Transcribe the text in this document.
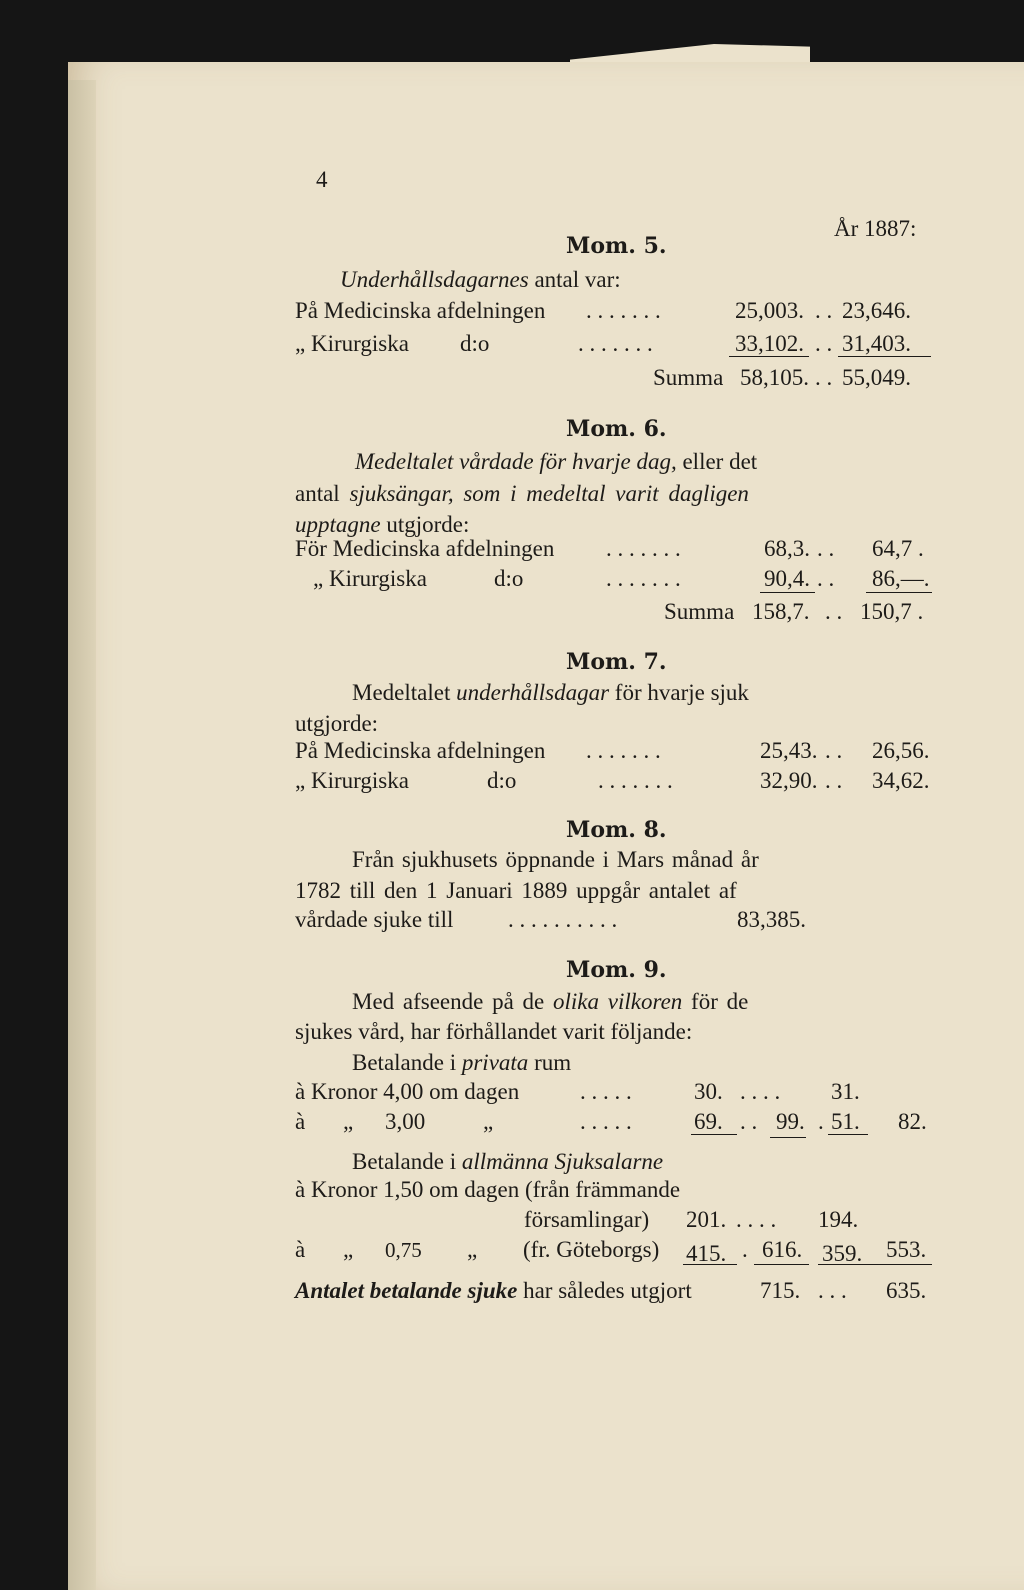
4
År 1887:
Mom. 5.
Underhållsdagarnes antal var:
På Medicinska afdelningen . . . . . . .	25,003. . . 23,646.
„ Kirurgiska d:o	. . . . . . .	33,102. . . 31,403.
Summa 58,105. . . 55,049.
Mom. 6.
Medeltalet vårdade för hvarje dag, eller det
antal sjuksängar, som i medeltal varit dagligen
upptagne utgjorde:
För Medicinska afdelningen . . . . . . .	68,3. . . 64,7 .
„ Kirurgiska	d:o	. . . . . . .	90,4. . . 86,—.
Summa 158,7. . . 150,7 .
Mom. 7.
Medeltalet underhållsdagar för hvarje sjuk
utgjorde:
På Medicinska afdelningen . . . . . . .	25,43. . . 26,56.
„ Kirurgiska	d:o	. . . . . . .	32,90. . . 34,62.
Mom. 8.
Från sjukhusets öppnande i Mars månad år
1782 till den 1 Januari 1889 uppgår antalet af
vårdade sjuke till . . . . . . . . . .	83,385.
Mom. 9.
Med afseende på de olika vilkoren för de
sjukes vård, har förhållandet varit följande:
Betalande i privata rum
à Kronor 4,00 om dagen	. . . . .	30. . . . . 31.
à „ 3,00	„	. . . . .	69. . . 99. . 51. 82.
Betalande i allmänna Sjuksalarne
à Kronor 1,50 om dagen (från främmande
församlingar) 201. . . . . 194.
à „ 0,75 „ (fr. Göteborgs) 415. . 616. 359. 553.
Antalet betalande sjuke har således utgjort	715. . . . 635.
